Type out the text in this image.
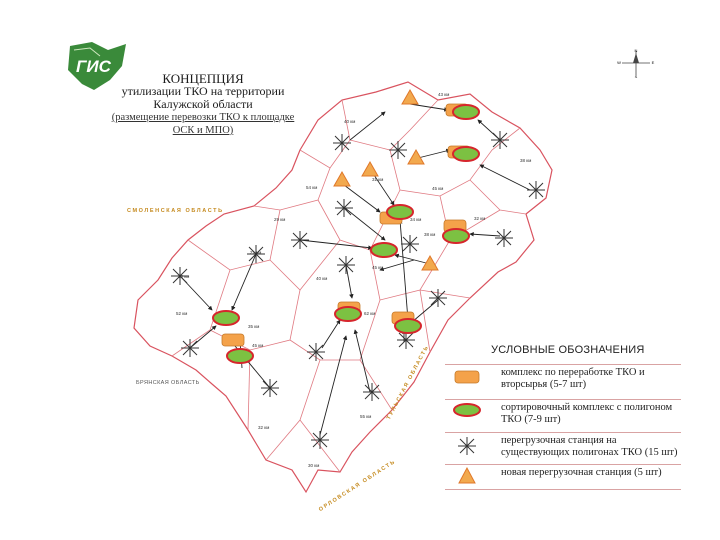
43 км
40 км
38 км
31 км
54 км	45 км
34 км	32 км
29 км
38 км
21 км
28 км
45 км
40 км
52 км	62 км
35 км
45 км
55 км
32 км
30 км
СМОЛЕНСКАЯ ОБЛАСТЬ
БРЯНСКАЯ ОБЛАСТЬ	ТУЛЬСКАЯ ОБЛАСТЬ
ОРЛОВСКАЯ ОБЛАСТЬ
ГИС
КОНЦЕПЦИЯ
утилизации ТКО на территории
Калужской области
(размещение перевозки ТКО к площадке
ОСК и МПО)
N
S
W	E
УСЛОВНЫЕ ОБОЗНАЧЕНИЯ
комплекс по переработке ТКО и вторсырья (5-7 шт)
сортировочный комплекс с полигоном ТКО (7-9 шт)
перегрузочная станция на существующих полигонах ТКО (15 шт)
новая перегрузочная станция (5 шт)
